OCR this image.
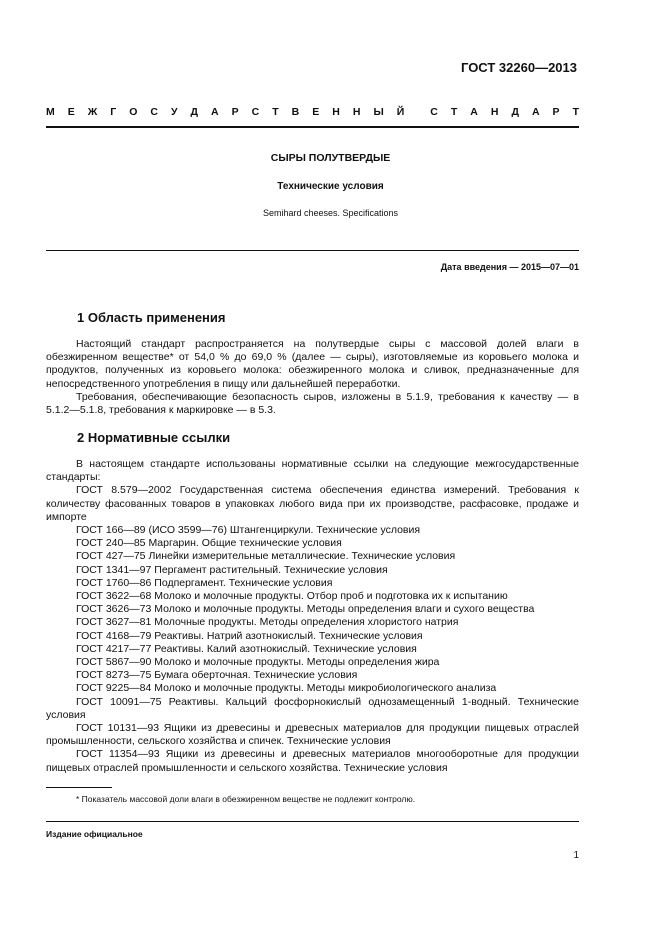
ГОСТ 32260—2013
М Е Ж Г О С У Д А Р С Т В Е Н Н Ы Й С Т А Н Д А Р Т
СЫРЫ ПОЛУТВЕРДЫЕ
Технические условия
Semihard cheeses. Specifications
Дата введения — 2015—07—01
1 Область применения

Настоящий стандарт распространяется на полутвердые сыры с массовой долей влаги в обезжиренном веществе* от 54,0 % до 69,0 % (далее — сыры), изготовляемые из коровьего молока и продуктов, полученных из коровьего молока: обезжиренного молока и сливок, предназначенные для непосредственного употребления в пищу или дальнейшей переработки.

Требования, обеспечивающие безопасность сыров, изложены в 5.1.9, требования к качеству — в 5.1.2—5.1.8, требования к маркировке — в 5.3.

2 Нормативные ссылки

В настоящем стандарте использованы нормативные ссылки на следующие межгосударственные стандарты:

ГОСТ 8.579—2002 Государственная система обеспечения единства измерений. Требования к количеству фасованных товаров в упаковках любого вида при их производстве, расфасовке, продаже и импорте

ГОСТ 166—89 (ИСО 3599—76) Штангенциркули. Технические условия

ГОСТ 240—85 Маргарин. Общие технические условия

ГОСТ 427—75 Линейки измерительные металлические. Технические условия

ГОСТ 1341—97 Пергамент растительный. Технические условия

ГОСТ 1760—86 Подпергамент. Технические условия

ГОСТ 3622—68 Молоко и молочные продукты. Отбор проб и подготовка их к испытанию

ГОСТ 3626—73 Молоко и молочные продукты. Методы определения влаги и сухого вещества

ГОСТ 3627—81 Молочные продукты. Методы определения хлористого натрия

ГОСТ 4168—79 Реактивы. Натрий азотнокислый. Технические условия

ГОСТ 4217—77 Реактивы. Калий азотнокислый. Технические условия

ГОСТ 5867—90 Молоко и молочные продукты. Методы определения жира

ГОСТ 8273—75 Бумага оберточная. Технические условия

ГОСТ 9225—84 Молоко и молочные продукты. Методы микробиологического анализа

ГОСТ 10091—75 Реактивы. Кальций фосфорнокислый однозамещенный 1-водный. Технические условия

ГОСТ 10131—93 Ящики из древесины и древесных материалов для продукции пищевых отраслей промышленности, сельского хозяйства и спичек. Технические условия

ГОСТ 11354—93 Ящики из древесины и древесных материалов многооборотные для продукции пищевых отраслей промышленности и сельского хозяйства. Технические условия

* Показатель массовой доли влаги в обезжиренном веществе не подлежит контролю.
Издание официальное
1
